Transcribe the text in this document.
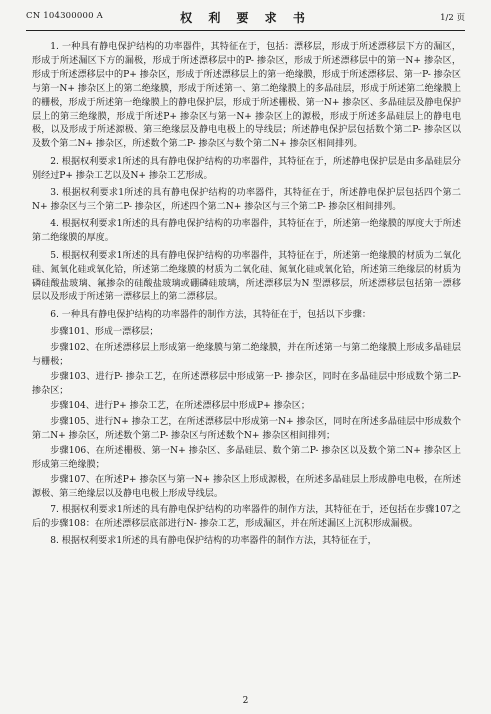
CN 104300000 A	权 利 要 求 书	1/2 页

1. 一种具有静电保护结构的功率器件，其特征在于，包括：漂移层，形成于所述漂移层下方的漏区，形成于所述漏区下方的漏极，形成于所述漂移层中的P- 掺杂区，形成于所述漂移层中的第一N+ 掺杂区，形成于所述漂移层中的P+ 掺杂区，形成于所述漂移层上的第一绝缘膜，形成于所述漂移层、第一P- 掺杂区与第一N+ 掺杂区上的第二绝缘膜，形成于所述第一、第二绝缘膜上的多晶硅层，形成于所述第二绝缘膜上的栅极，形成于所述第一绝缘膜上的静电保护层，形成于所述栅极、第一N+ 掺杂区、多晶硅层及静电保护层上的第三绝缘膜，形成于所述P+ 掺杂区与第一N+ 掺杂区上的源极，形成于所述多晶硅层上的静电电极，以及形成于所述源极、第三绝缘层及静电电极上的导线层；所述静电保护层包括数个第二P- 掺杂区以及数个第二N+ 掺杂区，所述数个第二P- 掺杂区与数个第二N+ 掺杂区相间排列。

2. 根据权利要求1所述的具有静电保护结构的功率器件，其特征在于，所述静电保护层是由多晶硅层分别经过P+ 掺杂工艺以及N+ 掺杂工艺形成。

3. 根据权利要求1所述的具有静电保护结构的功率器件，其特征在于，所述静电保护层包括四个第二N+ 掺杂区与三个第二P- 掺杂区，所述四个第二N+ 掺杂区与三个第二P- 掺杂区相间排列。

4. 根据权利要求1所述的具有静电保护结构的功率器件，其特征在于，所述第一绝缘膜的厚度大于所述第二绝缘膜的厚度。

5. 根据权利要求1所述的具有静电保护结构的功率器件，其特征在于，所述第一绝缘膜的材质为二氧化硅、氮氧化硅或氧化铪，所述第二绝缘膜的材质为二氧化硅、氮氧化硅或氧化铪，所述第三绝缘层的材质为磷硅酸盐玻璃、氟掺杂的硅酸盐玻璃或硼磷硅玻璃，所述漂移层为N 型漂移层，所述漂移层包括第一漂移层以及形成于所述第一漂移层上的第二漂移层。

6. 一种具有静电保护结构的功率器件的制作方法，其特征在于，包括以下步骤：

步骤101、形成一漂移层；

步骤102、在所述漂移层上形成第一绝缘膜与第二绝缘膜，并在所述第一与第二绝缘膜上形成多晶硅层与栅极；

步骤103、进行P- 掺杂工艺，在所述漂移层中形成第一P- 掺杂区，同时在多晶硅层中形成数个第二P- 掺杂区；

步骤104、进行P+ 掺杂工艺，在所述漂移层中形成P+ 掺杂区；

步骤105、进行N+ 掺杂工艺，在所述漂移层中形成第一N+ 掺杂区，同时在所述多晶硅层中形成数个第二N+ 掺杂区，所述数个第二P- 掺杂区与所述数个N+ 掺杂区相间排列；

步骤106、在所述栅极、第一N+ 掺杂区、多晶硅层、数个第二P- 掺杂区以及数个第二N+ 掺杂区上形成第三绝缘膜；

步骤107、在所述P+ 掺杂区与第一N+ 掺杂区上形成源极，在所述多晶硅层上形成静电电极，在所述源极、第三绝缘层以及静电电极上形成导线层。

7. 根据权利要求1所述的具有静电保护结构的功率器件的制作方法，其特征在于，还包括在步骤107之后的步骤108：在所述漂移层底部进行N- 掺杂工艺，形成漏区，并在所述漏区上沉积形成漏极。

8. 根据权利要求1所述的具有静电保护结构的功率器件的制作方法，其特征在于，

2
